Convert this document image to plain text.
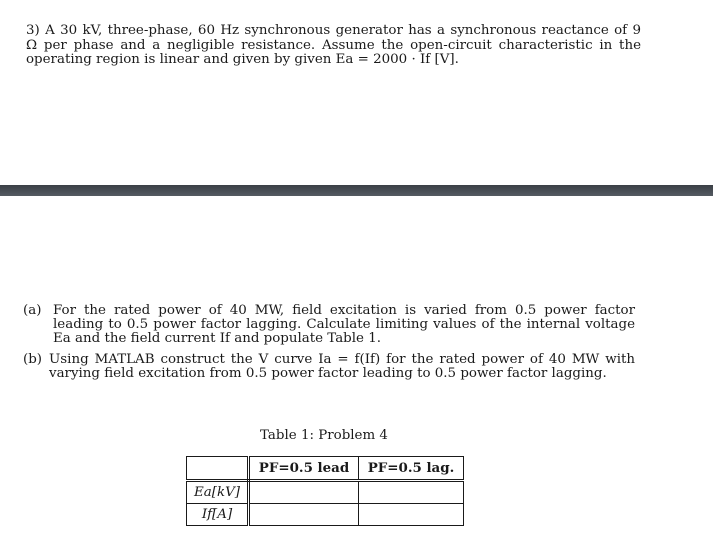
3) A 30 kV, three-phase, 60 Hz synchronous generator has a synchronous reactance of 9 Ω per phase and a negligible resistance. Assume the open-circuit characteristic in the operating region is linear and given by given Ea = 2000 · If [V].
(a) For the rated power of 40 MW, field excitation is varied from 0.5 power factor leading to 0.5 power factor lagging. Calculate limiting values of the internal voltage Ea and the field current If and populate Table 1.
(b) Using MATLAB construct the V curve Ia = f(If) for the rated power of 40 MW with varying field excitation from 0.5 power factor leading to 0.5 power factor lagging.
Table 1: Problem 4
	PF=0.5 lead	PF=0.5 lag.
Ea[kV]		
If[A]		
